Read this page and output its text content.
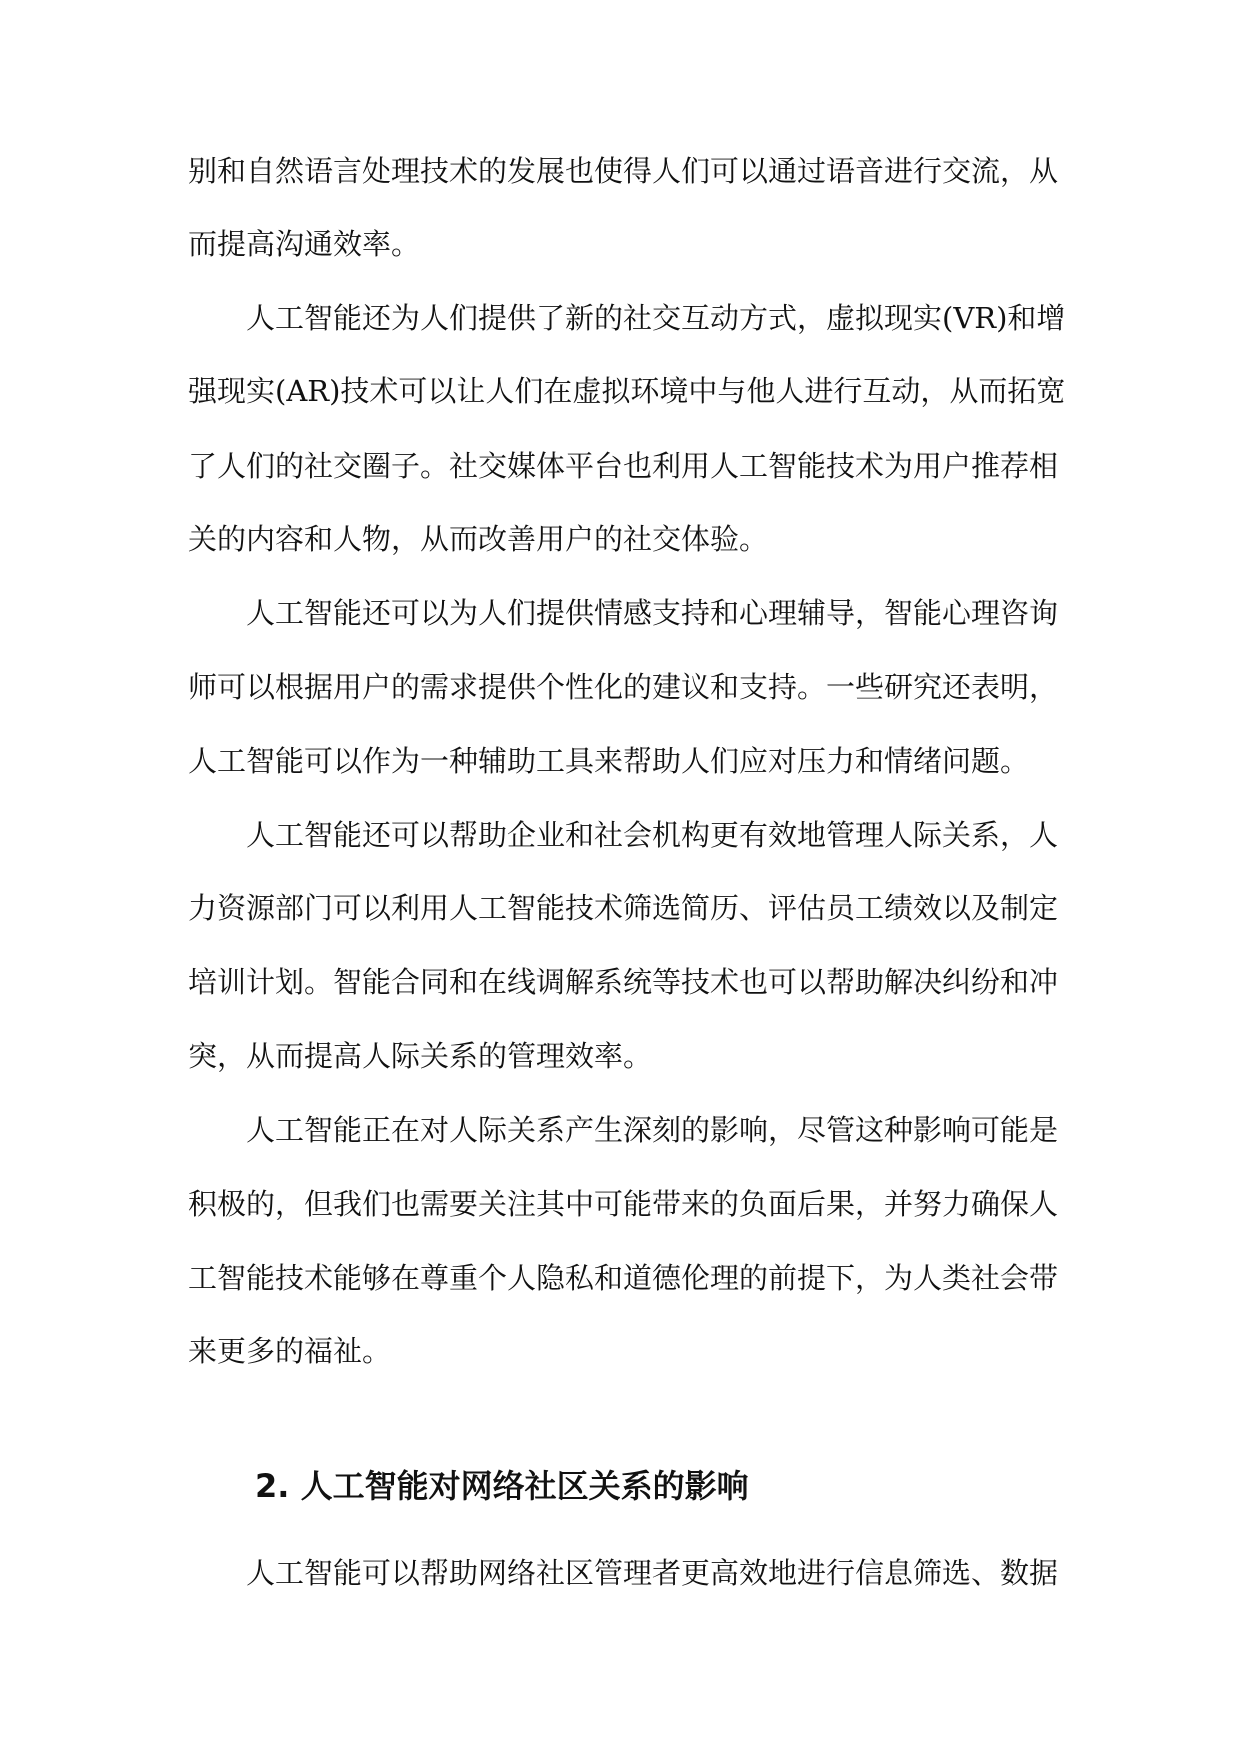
别和自然语言处理技术的发展也使得人们可以通过语音进行交流，从
而提高沟通效率。
人工智能还为人们提供了新的社交互动方式，虚拟现实(VR)和增
强现实(AR)技术可以让人们在虚拟环境中与他人进行互动，从而拓宽
了人们的社交圈子。社交媒体平台也利用人工智能技术为用户推荐相
关的内容和人物，从而改善用户的社交体验。
人工智能还可以为人们提供情感支持和心理辅导，智能心理咨询
师可以根据用户的需求提供个性化的建议和支持。一些研究还表明，
人工智能可以作为一种辅助工具来帮助人们应对压力和情绪问题。
人工智能还可以帮助企业和社会机构更有效地管理人际关系，人
力资源部门可以利用人工智能技术筛选简历、评估员工绩效以及制定
培训计划。智能合同和在线调解系统等技术也可以帮助解决纠纷和冲
突，从而提高人际关系的管理效率。
人工智能正在对人际关系产生深刻的影响，尽管这种影响可能是
积极的，但我们也需要关注其中可能带来的负面后果，并努力确保人
工智能技术能够在尊重个人隐私和道德伦理的前提下，为人类社会带
来更多的福祉。
人工智能可以帮助网络社区管理者更高效地进行信息筛选、数据
2. 人工智能对网络社区关系的影响
